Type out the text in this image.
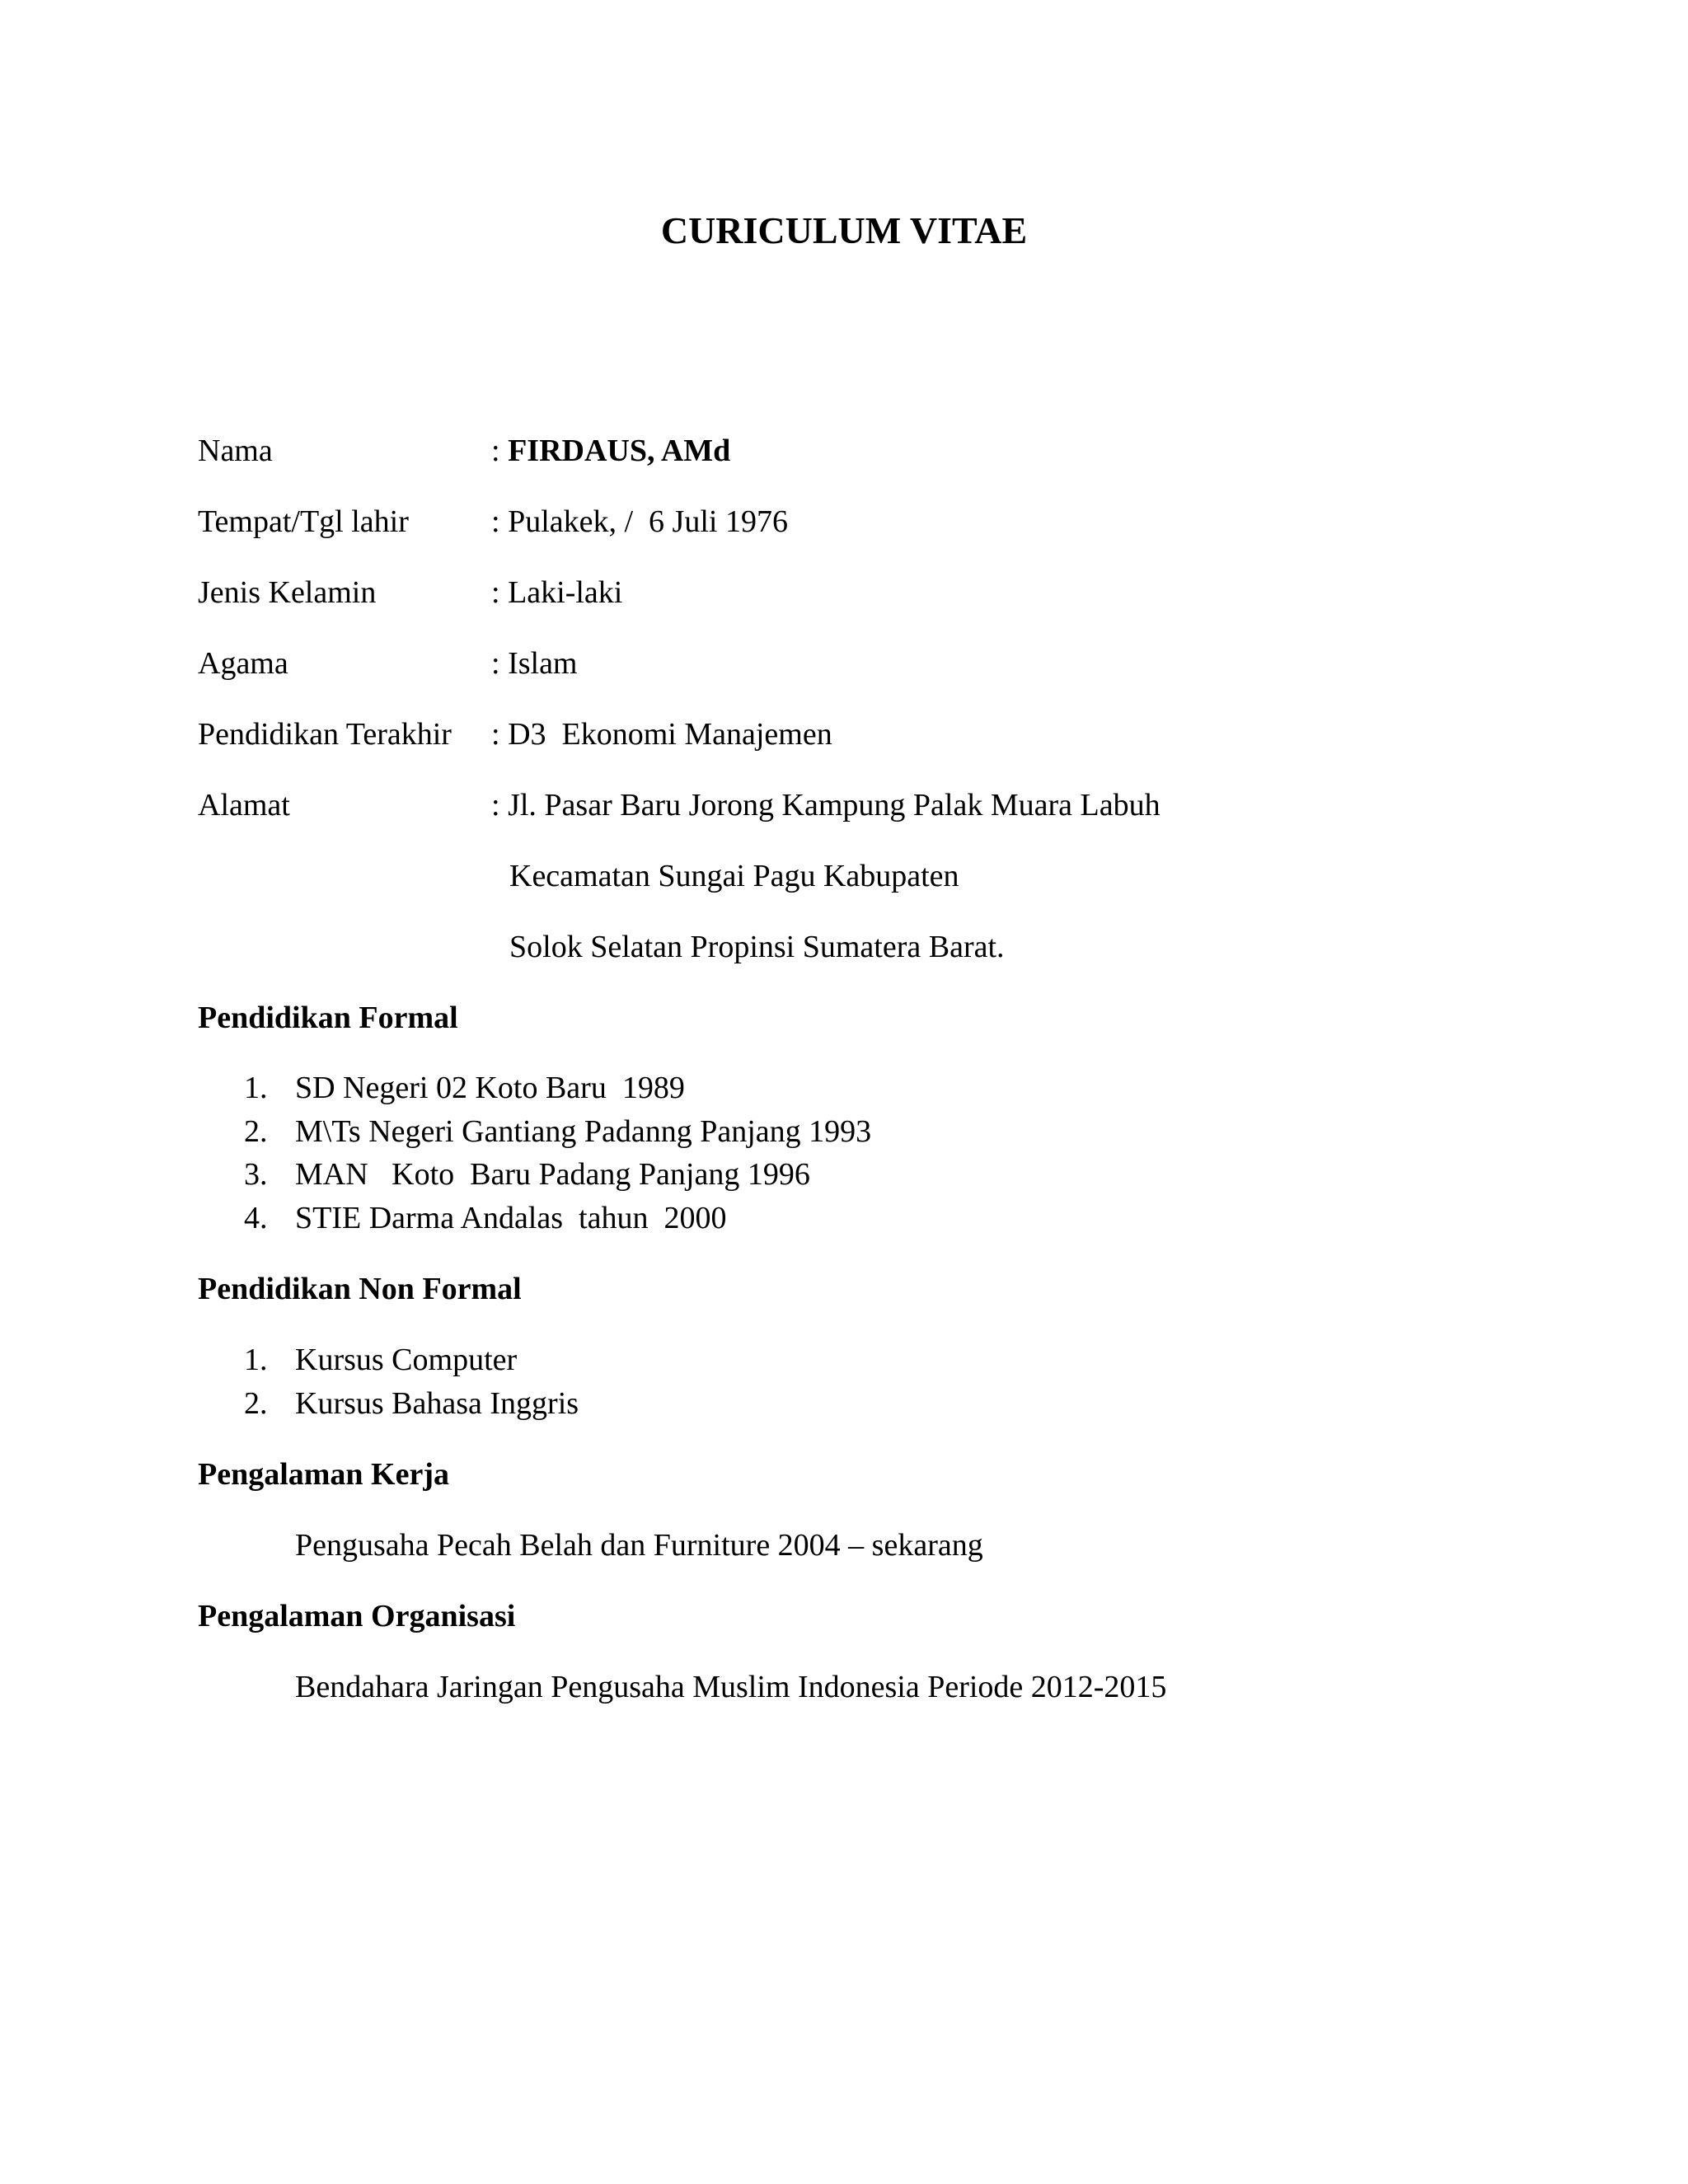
CURICULUM VITAE
Nama	: FIRDAUS, AMd
Tempat/Tgl lahir	: Pulakek, /  6 Juli 1976
Jenis Kelamin	: Laki-laki
Agama	: Islam
Pendidikan Terakhir : D3  Ekonomi Manajemen
Alamat	: Jl. Pasar Baru Jorong Kampung Palak Muara Labuh
Kecamatan Sungai Pagu Kabupaten
Solok Selatan Propinsi Sumatera Barat.
Pendidikan Formal
1. SD Negeri 02 Koto Baru  1989
2. M\Ts Negeri Gantiang Padanng Panjang 1993
3. MAN   Koto  Baru Padang Panjang 1996
4. STIE Darma Andalas  tahun  2000
Pendidikan Non Formal
1. Kursus Computer
2. Kursus Bahasa Inggris
Pengalaman Kerja
Pengusaha Pecah Belah dan Furniture 2004 – sekarang
Pengalaman Organisasi
Bendahara Jaringan Pengusaha Muslim Indonesia Periode 2012-2015
